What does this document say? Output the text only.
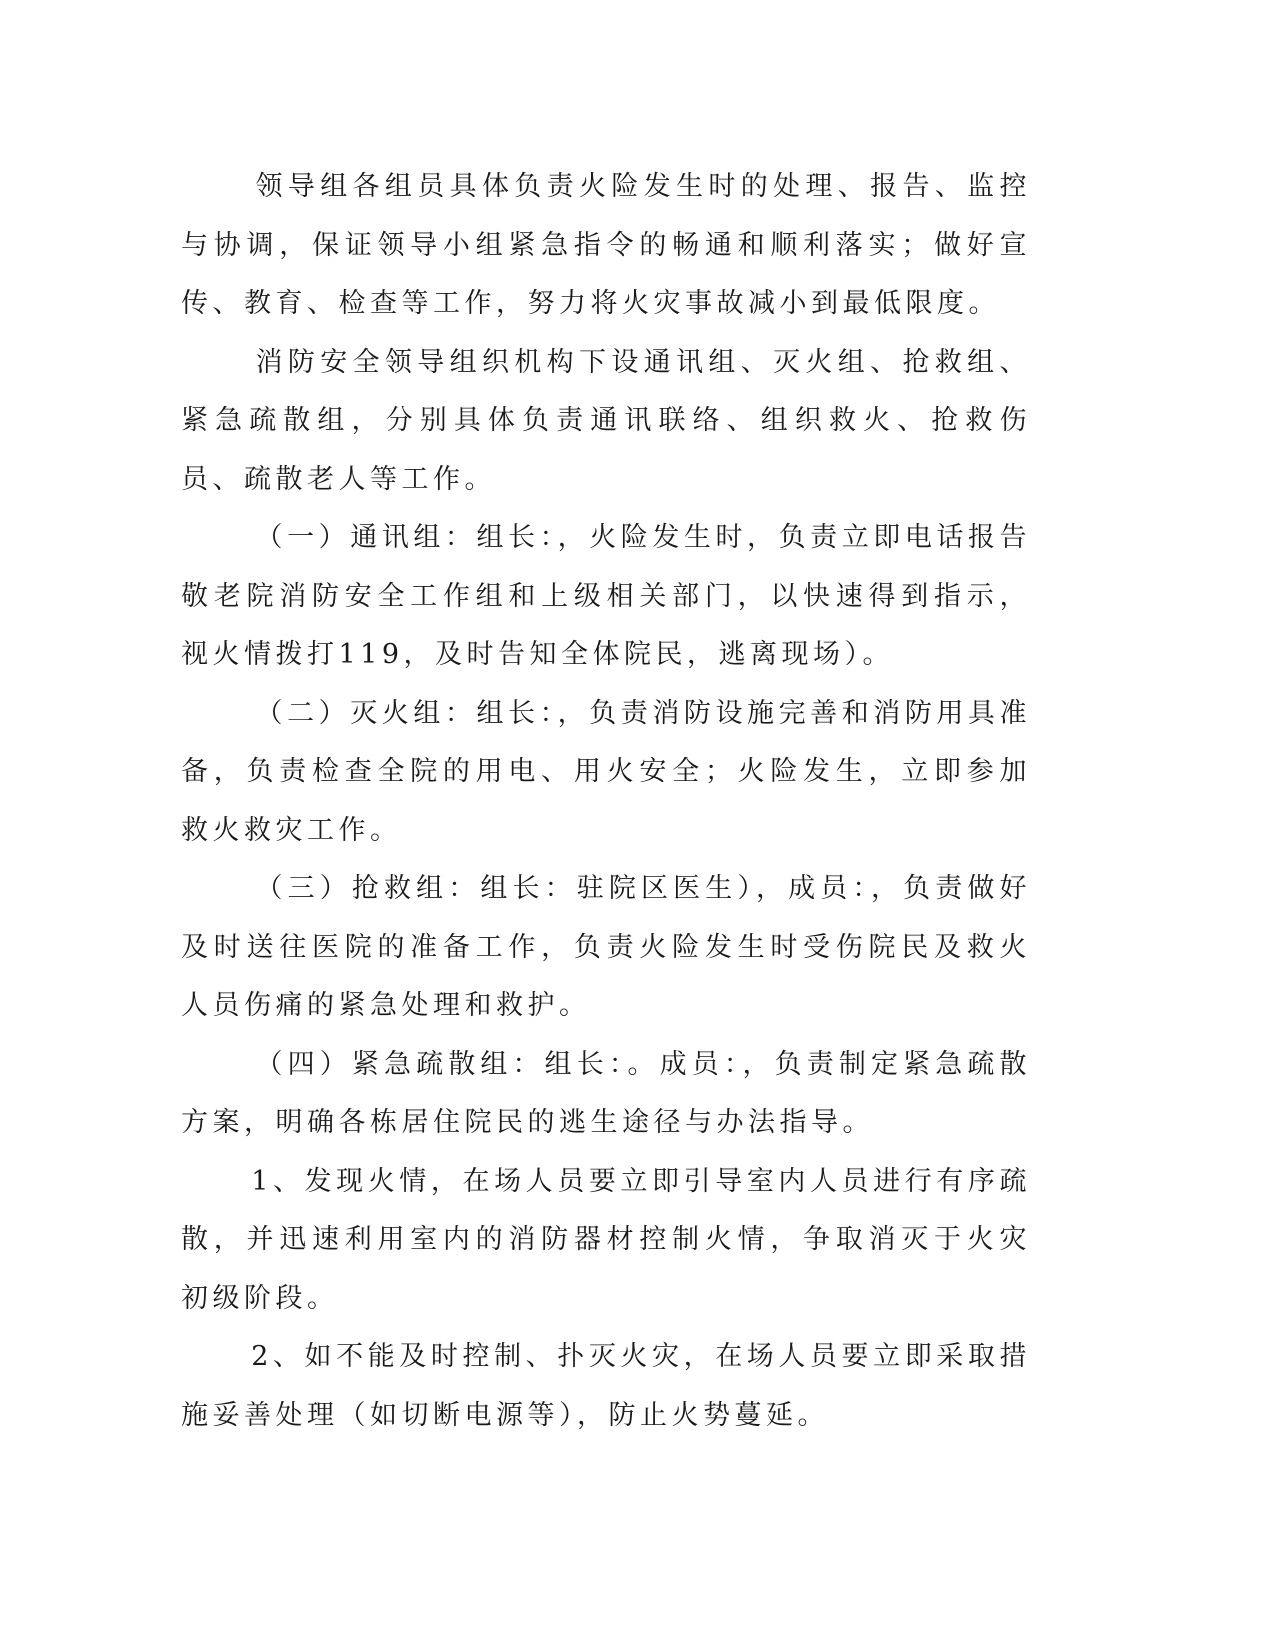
领导组各组员具体负责火险发生时的处理、报告、监控与协调，保证领导小组紧急指令的畅通和顺利落实；做好宣传、教育、检查等工作，努力将火灾事故减小到最低限度。

消防安全领导组织机构下设通讯组、灭火组、抢救组、紧急疏散组，分别具体负责通讯联络、组织救火、抢救伤员、疏散老人等工作。

（一）通讯组：组长：，火险发生时，负责立即电话报告敬老院消防安全工作组和上级相关部门，以快速得到指示，视火情拨打119，及时告知全体院民，逃离现场）。

（二）灭火组：组长：，负责消防设施完善和消防用具准备，负责检查全院的用电、用火安全；火险发生，立即参加救火救灾工作。

（三）抢救组：组长：驻院区医生），成员：，负责做好及时送往医院的准备工作，负责火险发生时受伤院民及救火人员伤痛的紧急处理和救护。

（四）紧急疏散组：组长：。成员：，负责制定紧急疏散方案，明确各栋居住院民的逃生途径与办法指导。

1、发现火情，在场人员要立即引导室内人员进行有序疏散，并迅速利用室内的消防器材控制火情，争取消灭于火灾初级阶段。

2、如不能及时控制、扑灭火灾，在场人员要立即采取措施妥善处理（如切断电源等），防止火势蔓延。
